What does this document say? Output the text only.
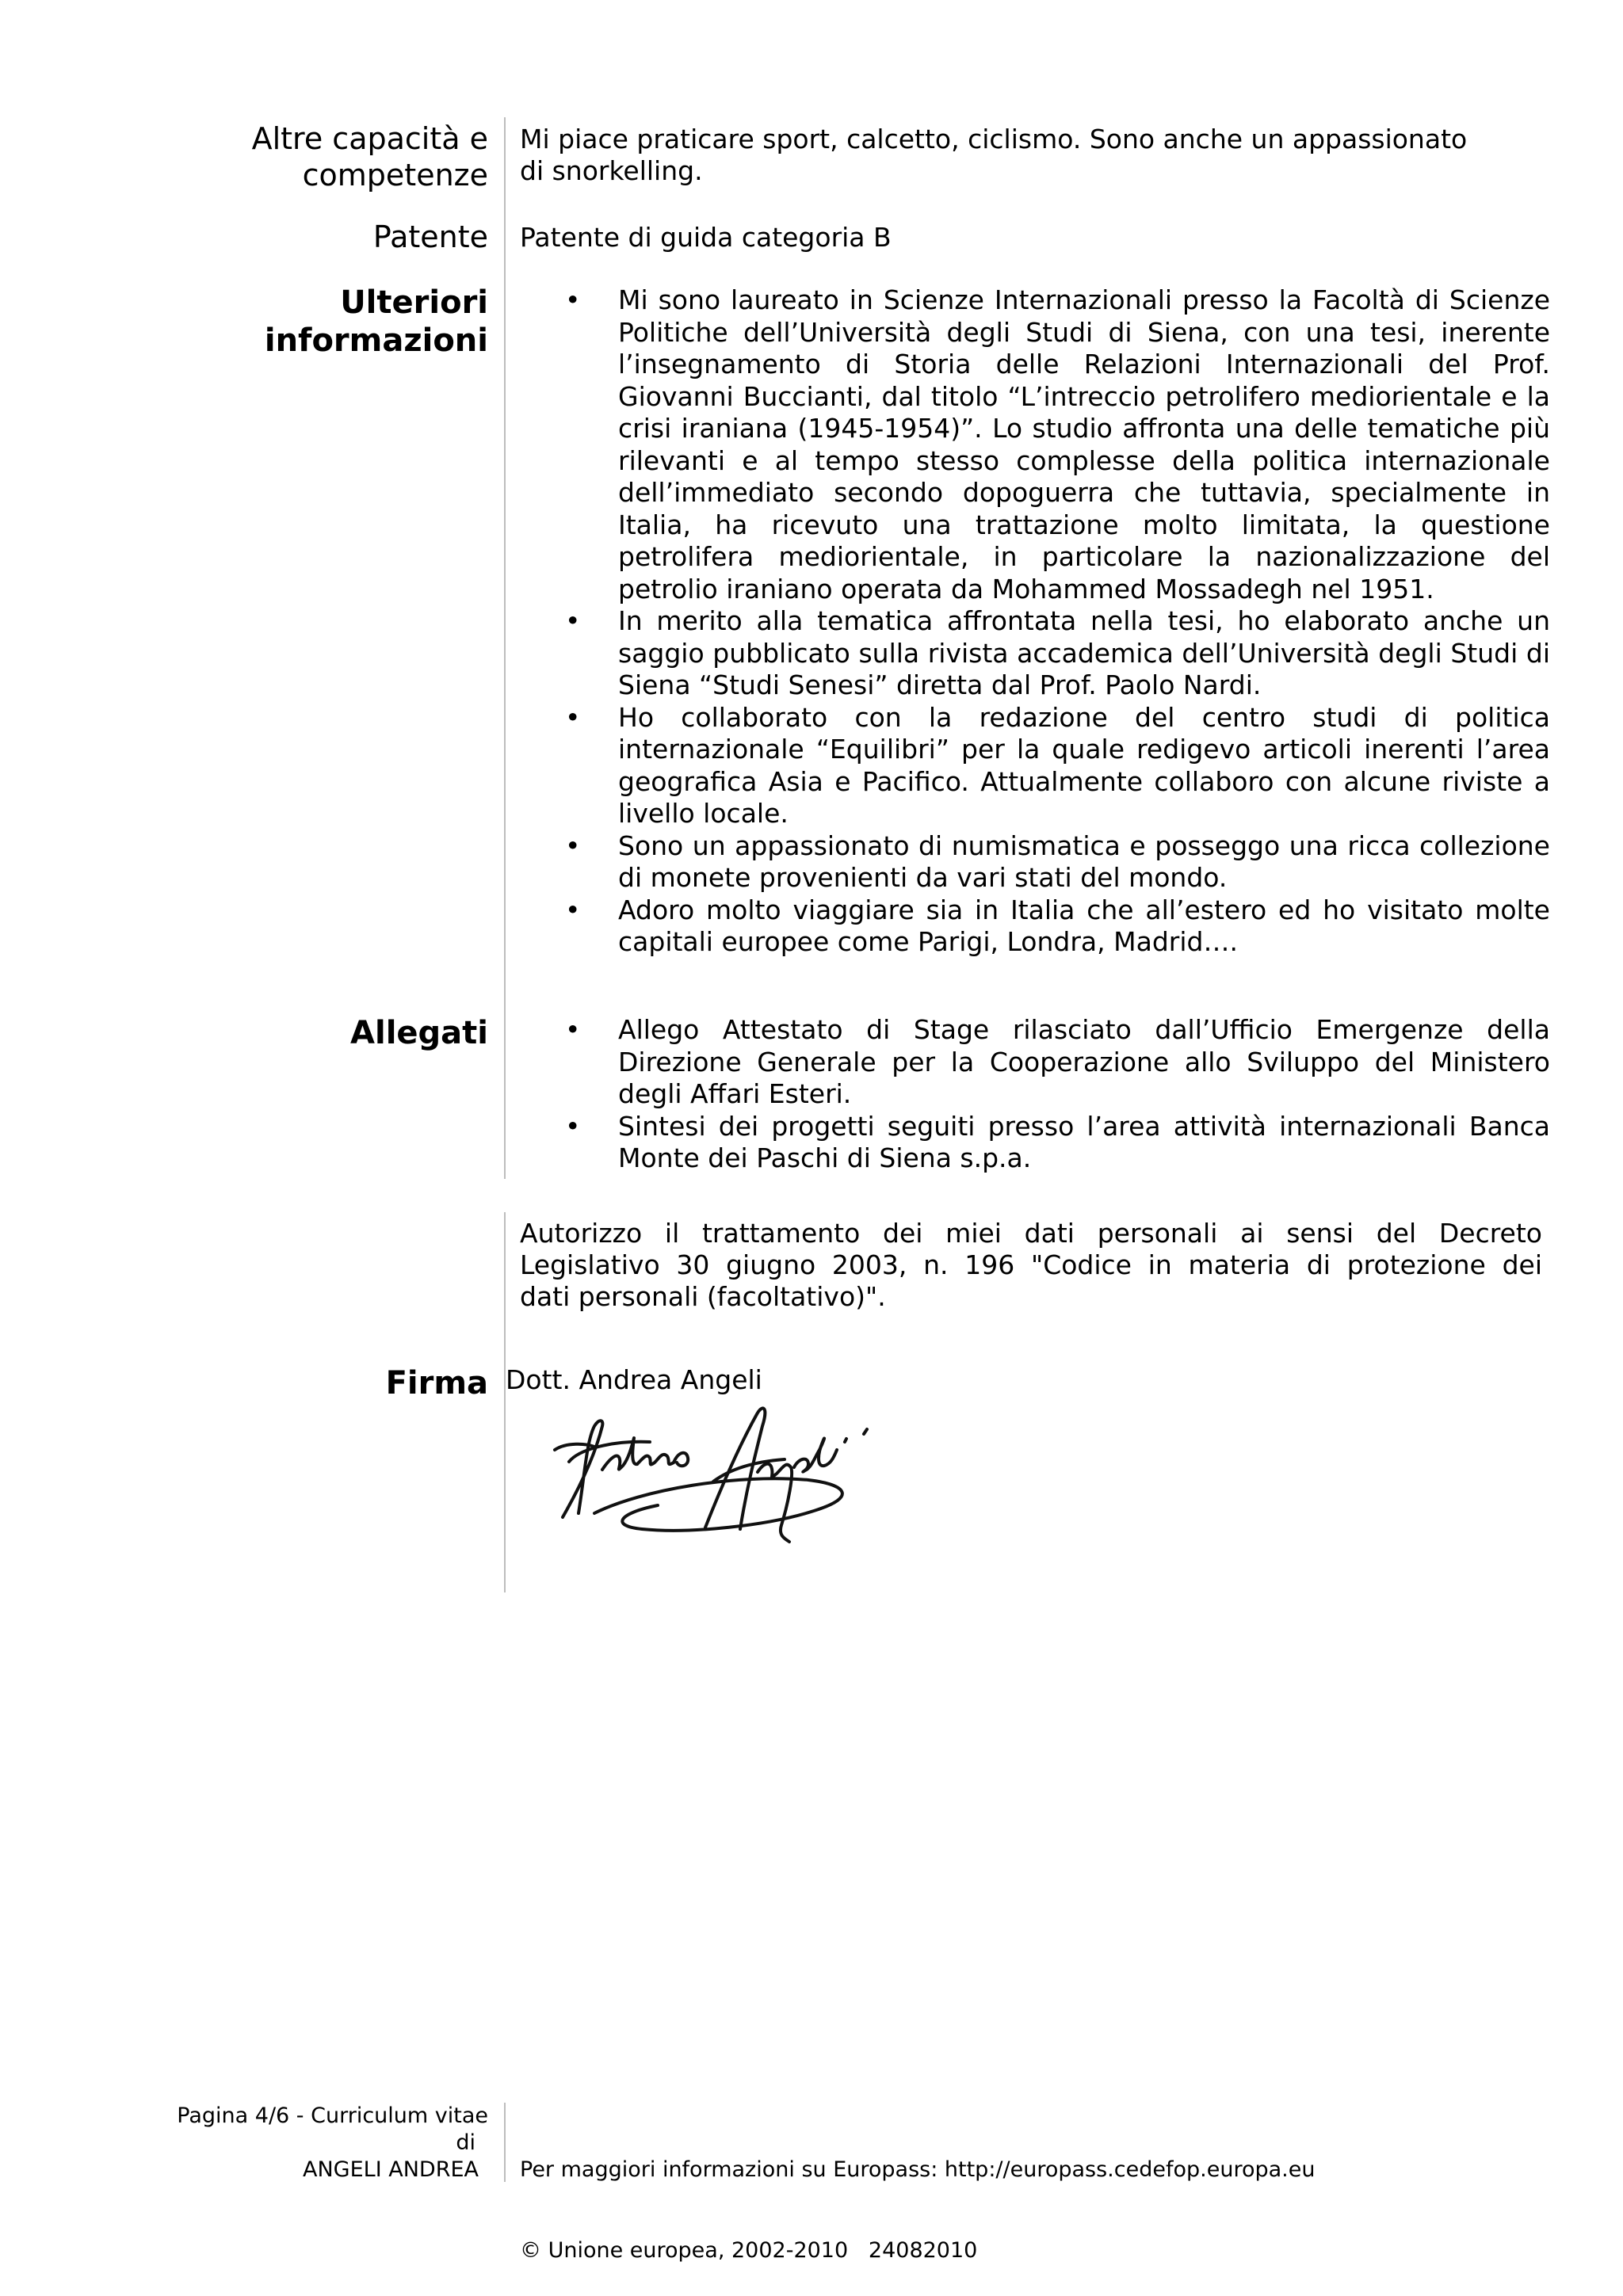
Altre capacità e
competenze
Mi piace praticare sport, calcetto, ciclismo. Sono anche un appassionato
di snorkelling.
Patente Patente di guida categoria B
Ulteriori
informazioni
• Mi sono laureato in Scienze Internazionali presso la Facoltà di Scienze Politiche dell’Università degli Studi di Siena, con una tesi, inerente l’insegnamento di Storia delle Relazioni Internazionali del Prof. Giovanni Buccianti, dal titolo “L’intreccio petrolifero mediorientale e la crisi iraniana (1945-1954)”. Lo studio affronta una delle tematiche più rilevanti e al tempo stesso complesse della politica internazionale dell’immediato secondo dopoguerra che tuttavia, specialmente in Italia, ha ricevuto una trattazione molto limitata, la questione petrolifera mediorientale, in particolare la nazionalizzazione del petrolio iraniano operata da Mohammed Mossadegh nel 1951.
• In merito alla tematica affrontata nella tesi, ho elaborato anche un saggio pubblicato sulla rivista accademica dell’Università degli Studi di Siena “Studi Senesi” diretta dal Prof. Paolo Nardi.
• Ho collaborato con la redazione del centro studi di politica internazionale “Equilibri” per la quale redigevo articoli inerenti l’area geografica Asia e Pacifico. Attualmente collaboro con alcune riviste a livello locale.
• Sono un appassionato di numismatica e posseggo una ricca collezione di monete provenienti da vari stati del mondo.
• Adoro molto viaggiare sia in Italia che all’estero ed ho visitato molte capitali europee come Parigi, Londra, Madrid….
Allegati	• Allego Attestato di Stage rilasciato dall’Ufficio Emergenze della Direzione Generale per la Cooperazione allo Sviluppo del Ministero degli Affari Esteri.
• Sintesi dei progetti seguiti presso l’area attività internazionali Banca Monte dei Paschi di Siena s.p.a.
Autorizzo il trattamento dei miei dati personali ai sensi del Decreto
Legislativo 30 giugno 2003, n. 196 "Codice in materia di protezione dei
dati personali (facoltativo)".
Firma Dott. Andrea Angeli
Pagina 4/6 - Curriculum vitae
di
ANGELI ANDREA

Per maggiori informazioni su Europass: http://europass.cedefop.europa.eu

© Unione europea, 2002-2010   24082010
